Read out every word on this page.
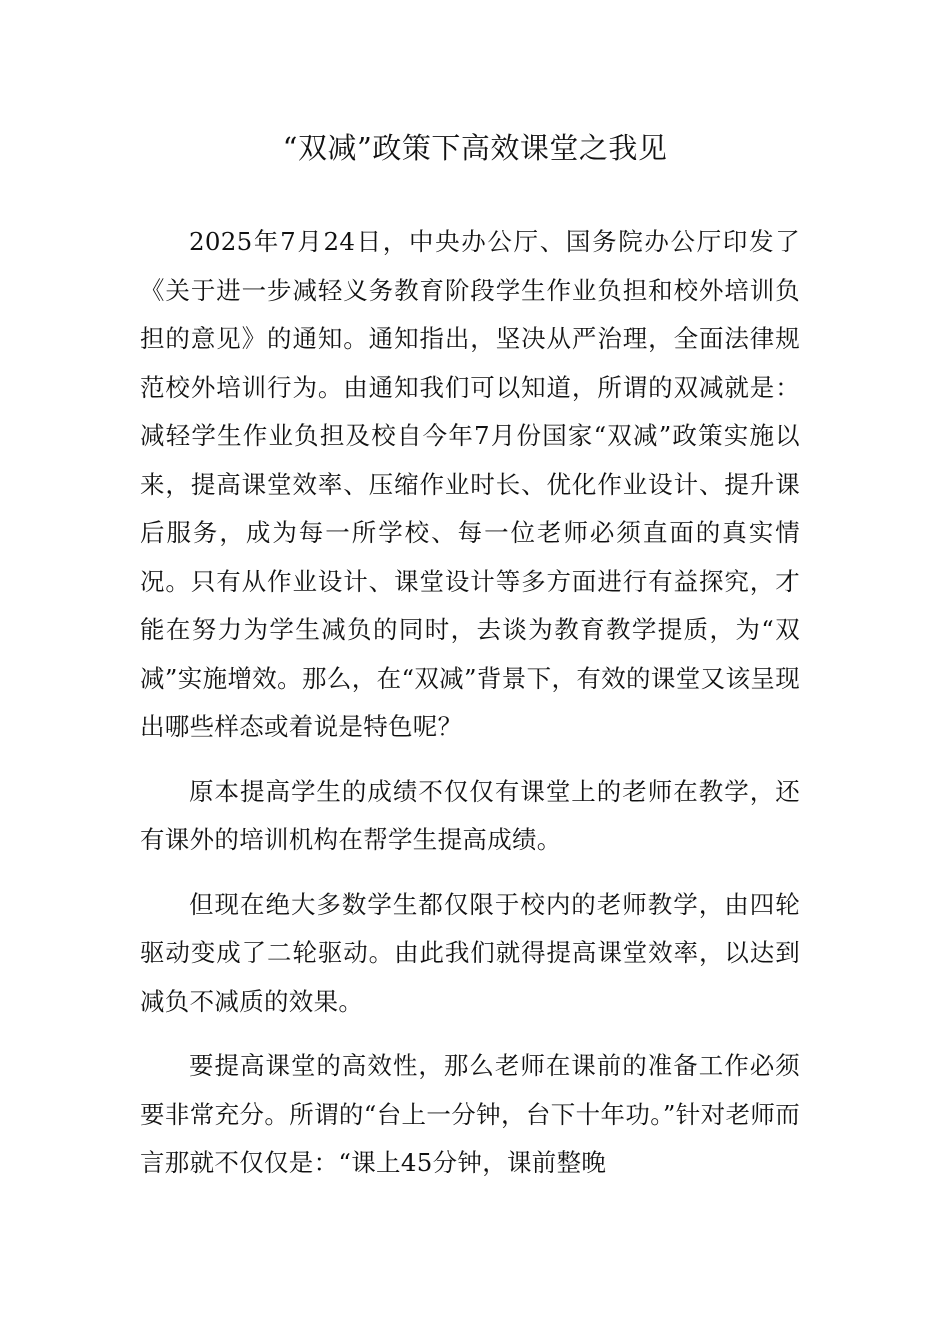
“双减”政策下高效课堂之我见

2025年7月24日，中央办公厅、国务院办公厅印发了《关于进一步减轻义务教育阶段学生作业负担和校外培训负担的意见》的通知。通知指出，坚决从严治理，全面法律规范校外培训行为。由通知我们可以知道，所谓的双减就是：减轻学生作业负担及校自今年7月份国家“双减”政策实施以来，提高课堂效率、压缩作业时长、优化作业设计、提升课后服务，成为每一所学校、每一位老师必须直面的真实情况。只有从作业设计、课堂设计等多方面进行有益探究，才能在努力为学生减负的同时，去谈为教育教学提质，为“双减”实施增效。那么，在“双减”背景下，有效的课堂又该呈现出哪些样态或着说是特色呢？

原本提高学生的成绩不仅仅有课堂上的老师在教学，还有课外的培训机构在帮学生提高成绩。

但现在绝大多数学生都仅限于校内的老师教学，由四轮驱动变成了二轮驱动。由此我们就得提高课堂效率，以达到减负不减质的效果。

要提高课堂的高效性，那么老师在课前的准备工作必须要非常充分。所谓的“台上一分钟，台下十年功。”针对老师而言那就不仅仅是：“课上45分钟，课前整晚
